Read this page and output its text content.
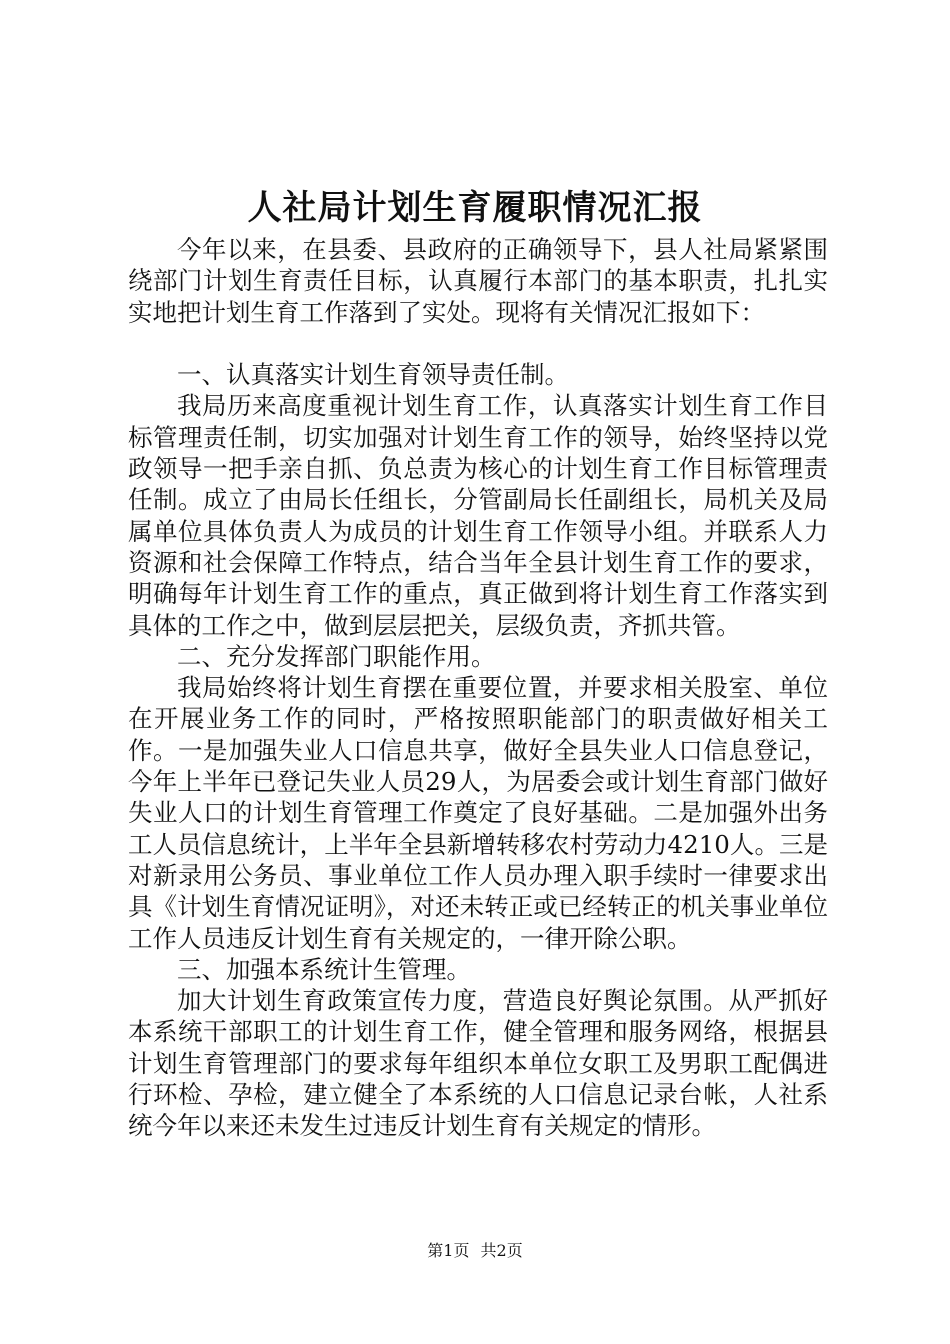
人社局计划生育履职情况汇报

今年以来，在县委、县政府的正确领导下，县人社局紧紧围绕部门计划生育责任目标，认真履行本部门的基本职责，扎扎实实地把计划生育工作落到了实处。现将有关情况汇报如下：

一、认真落实计划生育领导责任制。

我局历来高度重视计划生育工作，认真落实计划生育工作目标管理责任制，切实加强对计划生育工作的领导，始终坚持以党政领导一把手亲自抓、负总责为核心的计划生育工作目标管理责任制。成立了由局长任组长，分管副局长任副组长，局机关及局属单位具体负责人为成员的计划生育工作领导小组。并联系人力资源和社会保障工作特点，结合当年全县计划生育工作的要求，明确每年计划生育工作的重点，真正做到将计划生育工作落实到具体的工作之中，做到层层把关，层级负责，齐抓共管。

二、充分发挥部门职能作用。

我局始终将计划生育摆在重要位置，并要求相关股室、单位在开展业务工作的同时，严格按照职能部门的职责做好相关工作。一是加强失业人口信息共享，做好全县失业人口信息登记，今年上半年已登记失业人员29人，为居委会或计划生育部门做好失业人口的计划生育管理工作奠定了良好基础。二是加强外出务工人员信息统计，上半年全县新增转移农村劳动力4210人。三是对新录用公务员、事业单位工作人员办理入职手续时一律要求出具《计划生育情况证明》，对还未转正或已经转正的机关事业单位工作人员违反计划生育有关规定的，一律开除公职。

三、加强本系统计生管理。

加大计划生育政策宣传力度，营造良好舆论氛围。从严抓好本系统干部职工的计划生育工作，健全管理和服务网络，根据县计划生育管理部门的要求每年组织本单位女职工及男职工配偶进行环检、孕检，建立健全了本系统的人口信息记录台帐，人社系统今年以来还未发生过违反计划生育有关规定的情形。

第1页 共2页
